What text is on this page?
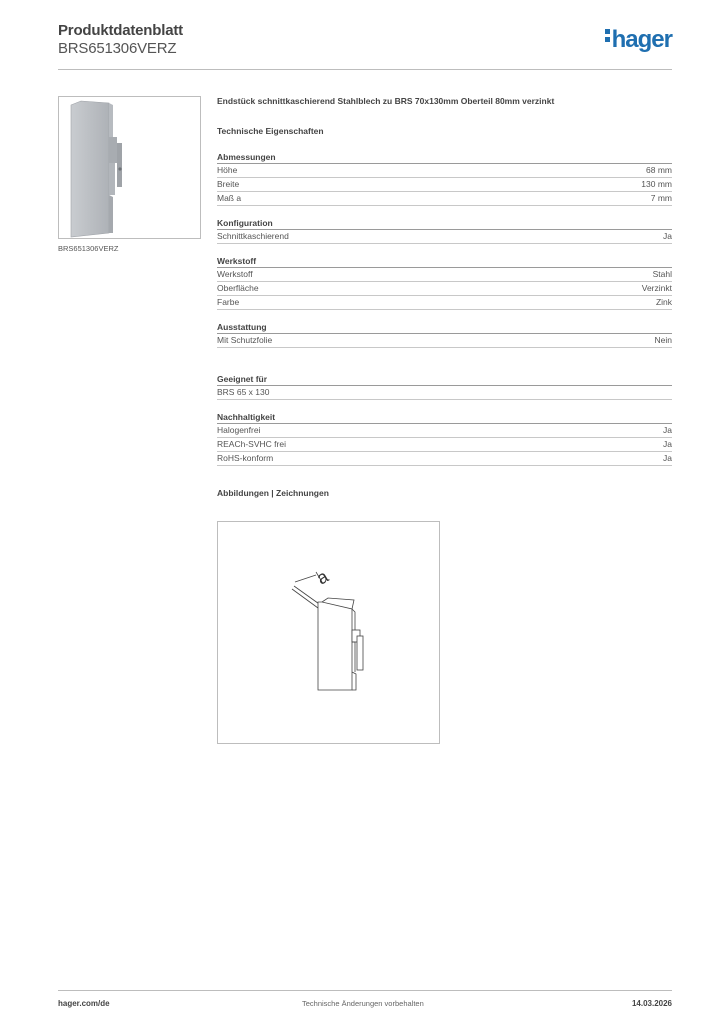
Produktdatenblatt
BRS651306VERZ	hager
BRS651306VERZ
Endstück schnittkaschierend Stahlblech zu BRS 70x130mm Oberteil 80mm verzinkt
Technische Eigenschaften
Abmessungen
Höhe	68 mm
Breite	130 mm
Maß a	7 mm
Konfiguration
Schnittkaschierend	Ja
Werkstoff
Werkstoff	Stahl
Oberfläche	Verzinkt
Farbe	Zink
Ausstattung
Mit Schutzfolie	Nein
Geeignet für
BRS 65 x 130
Nachhaltigkeit
Halogenfrei	Ja
REACh-SVHC frei	Ja
RoHS-konform	Ja
Abbildungen | Zeichnungen
a
hager.com/de	Technische Änderungen vorbehalten	14.03.2026
